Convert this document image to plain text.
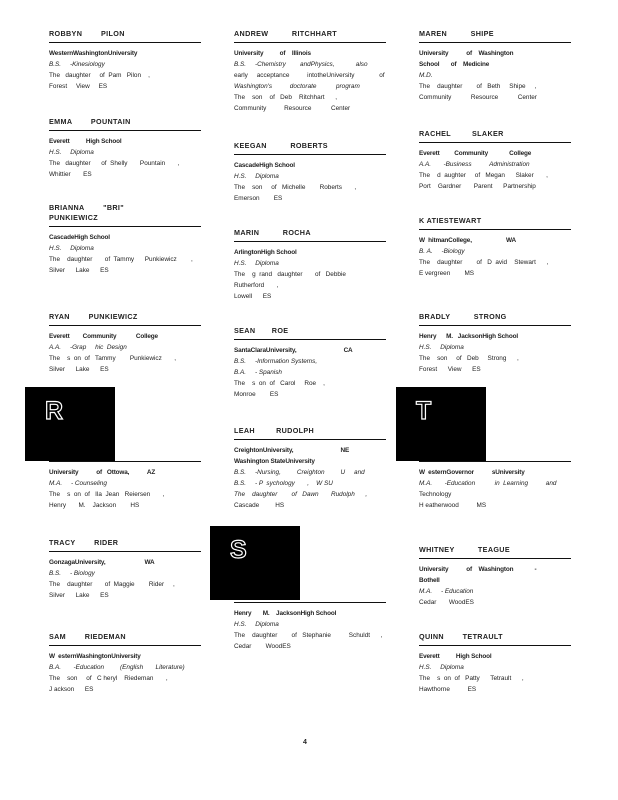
ROBBYN        PILON
WesternWashingtonUniversity
B.S.     -Kinesiology
The   daughter     of  Pam   Pilon    ,
Forest     View     ES
EMMA        POUNTAIN
Everett          High School
H.S.     Diploma
The   daughter      of  Shelly       Pountain       ,
Whittier       ES
BRIANNA        "BRI"
PUNKIEWICZ
CascadeHigh School
H.S.     Diploma
The    daughter       of  Tammy      Punkiewicz        ,
Silver      Lake      ES
RYAN        PUNKIEWICZ
Everett        Community            College
A.A.     -Grap     hic  Design
The    s  on  of   Tammy        Punkiewicz       ,
Silver      Lake      ES
University           of   Ottowa,           AZ
M.A.     - Counseling
The    s  on  of   Ila  Jean   Reiersen       ,
Henry       M.    Jackson        HS
TRACY        RIDER
GonzagaUniversity,                        WA
B.S.     - Biology
The    daughter       of  Maggie        Rider     ,
Silver      Lake      ES
SAM        RIEDEMAN
W  esternWashingtonUniversity
B.A.       -Education         (English       Literature)
The    son     of   C heryl    Riedeman       ,
J ackson      ES
ANDREW          RITCHHART
University          of    Illinois
B.S.     -Chemistry        andPhysics,            also
early     acceptance          intotheUniversity              of
Washington's          doctorate           program
The    son    of   Deb    Ritchhart      ,
Community          Resource           Center
KEEGAN          ROBERTS
CascadeHigh School
H.S.     Diploma
The    son     of   Michelle        Roberts       ,
Emerson        ES
MARIN          ROCHA
ArlingtonHigh School
H.S.     Diploma
The    g  rand   daughter       of   Debbie
Rutherford       ,
Lowell      ES
SEAN       ROE
SantaClaraUniversity,                             CA
B.S.     -Information Systems,
B.A.     - Spanish
The    s  on  of   Carol     Roe    ,
Monroe        ES
LEAH         RUDOLPH
CreightonUniversity,                             NE
Washington StateUniversity
B.S.     -Nursing,         Creighton         U     and
B.S.     - P  sychology       ,    W SU
The    daughter        of   Dawn       Rudolph      ,
Cascade         HS
Henry       M.    JacksonHigh School
H.S.     Diploma
The    daughter        of   Stephanie          Schuldt      ,
Cedar        WoodES
MAREN          SHIPE
University           of    Washington
School       of    Medicine
M.D.
The    daughter        of   Beth     Shipe     ,
Community           Resource           Center
RACHEL         SLAKER
Everett         Community             College
A.A.       -Business          Administration
The    d  aughter     of   Megan      Slaker       ,
Port    Gardner       Parent      Partnership
K ATIESTEWART
W  hitmanCollege,                     WA
B. A.     -Biology
The    daughter        of   D  avid    Stewart      ,
E vergreen        MS
BRADLY          STRONG
Henry      M.   JacksonHigh School
H.S.     Diploma
The    son     of   Deb     Strong      ,
Forest      View      ES
W  esternGovernor           sUniversity
M.A.       -Education           in  Learning          and
Technology
H eatherwood          MS
WHITNEY          TEAGUE
University           of    Washington             -
Bothell
M.A.     - Education
Cedar       WoodES
QUINN        TETRAULT
Everett          High School
H.S.     Diploma
The    s  on  of   Patty      Tetrault      ,
Hawthorne          ES
R
S
T
4
